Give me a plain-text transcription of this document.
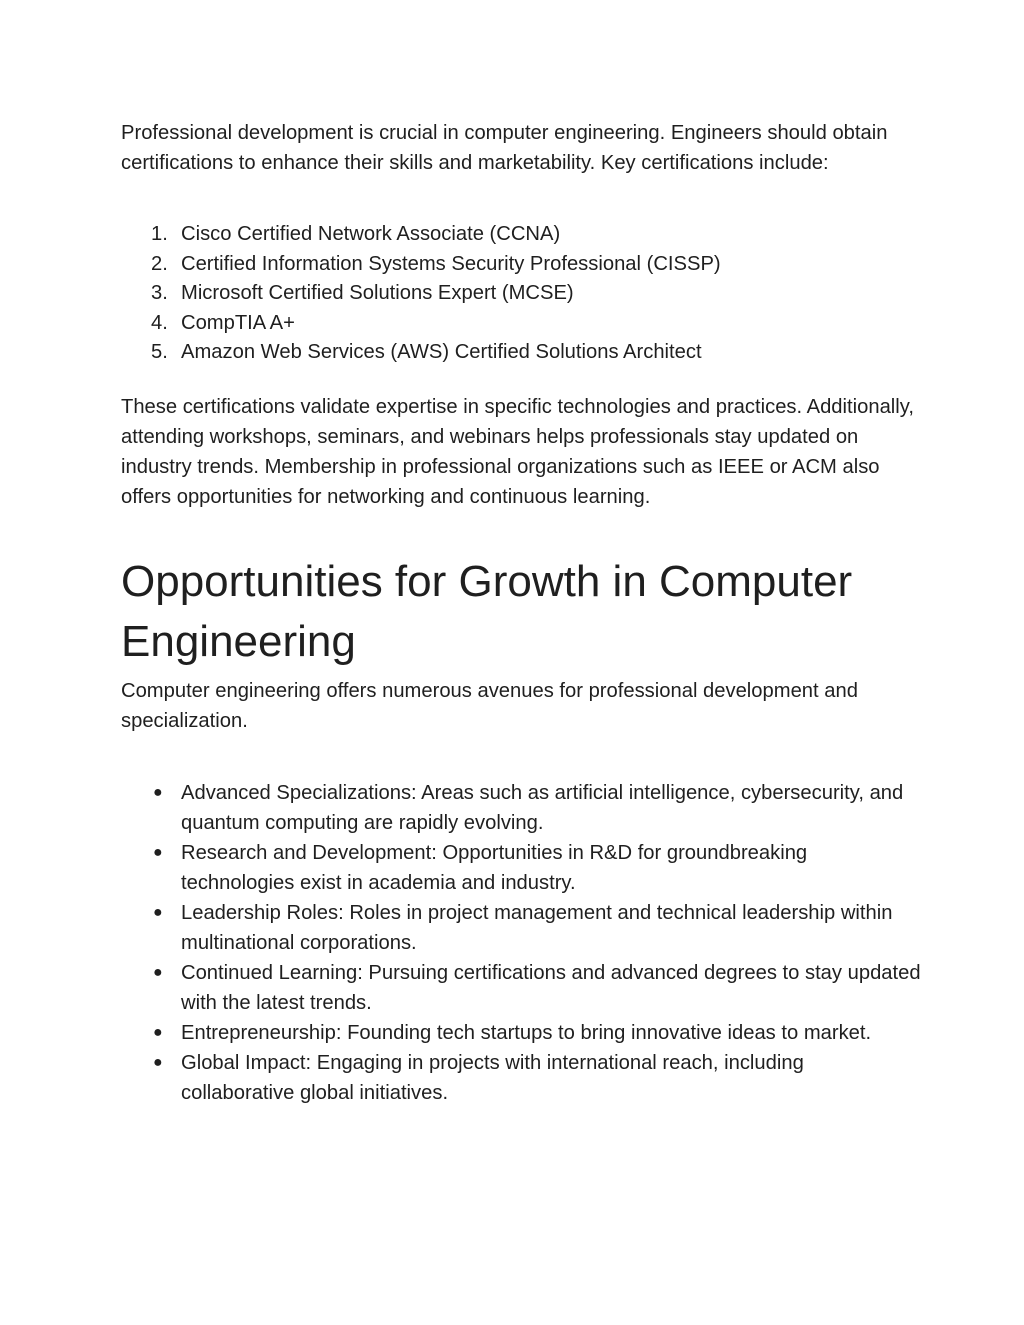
Professional development is crucial in computer engineering. Engineers should obtain certifications to enhance their skills and marketability. Key certifications include:

1. Cisco Certified Network Associate (CCNA)
2. Certified Information Systems Security Professional (CISSP)
3. Microsoft Certified Solutions Expert (MCSE)
4. CompTIA A+
5. Amazon Web Services (AWS) Certified Solutions Architect

These certifications validate expertise in specific technologies and practices. Additionally, attending workshops, seminars, and webinars helps professionals stay updated on industry trends. Membership in professional organizations such as IEEE or ACM also offers opportunities for networking and continuous learning.

Opportunities for Growth in Computer Engineering

Computer engineering offers numerous avenues for professional development and specialization.

● Advanced Specializations: Areas such as artificial intelligence, cybersecurity, and quantum computing are rapidly evolving.
● Research and Development: Opportunities in R&D for groundbreaking technologies exist in academia and industry.
● Leadership Roles: Roles in project management and technical leadership within multinational corporations.
● Continued Learning: Pursuing certifications and advanced degrees to stay updated with the latest trends.
● Entrepreneurship: Founding tech startups to bring innovative ideas to market.
● Global Impact: Engaging in projects with international reach, including collaborative global initiatives.
